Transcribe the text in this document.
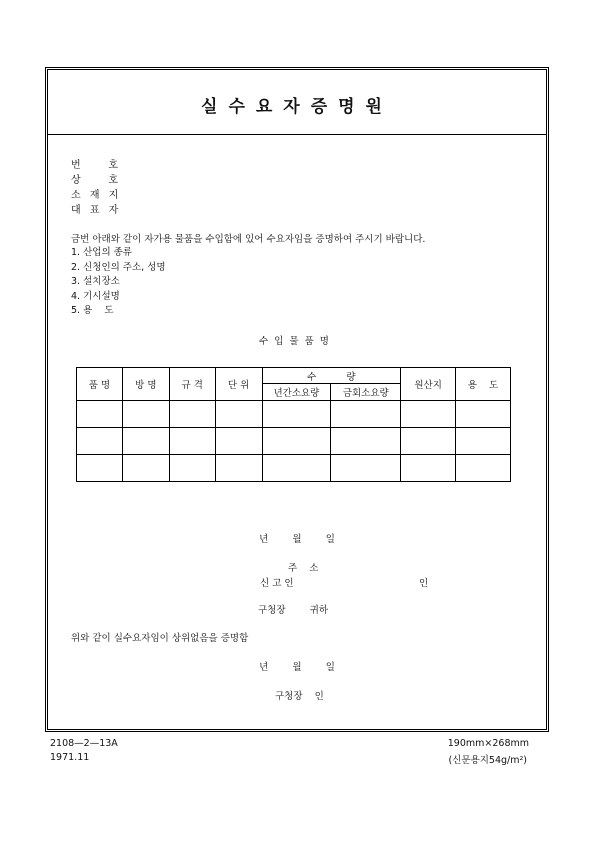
실수요자증명원
번    호
상    호
소 재 지
대 표 자
금번 아래와 같이 자가용 물품을 수입함에 있어 수요자임을 증명하여 주시기 바랍니다.
1. 산업의 종류
2. 신청인의 주소, 성명
3. 설치장소
4. 기시설명
5. 용    도
수입물품명
품 명	방 명	규 격	단 위	수          량		원산지	용    도
				년간소요량	금회소요량		

년        월        일
주    소
신 고 인	인
구청장        귀하
위와 같이 실수요자임이 상위없음을 증명함
년        월        일
구청장    인
2108—2—13A
1971.11
190mm×268mm
(신문용지54g/m²)
